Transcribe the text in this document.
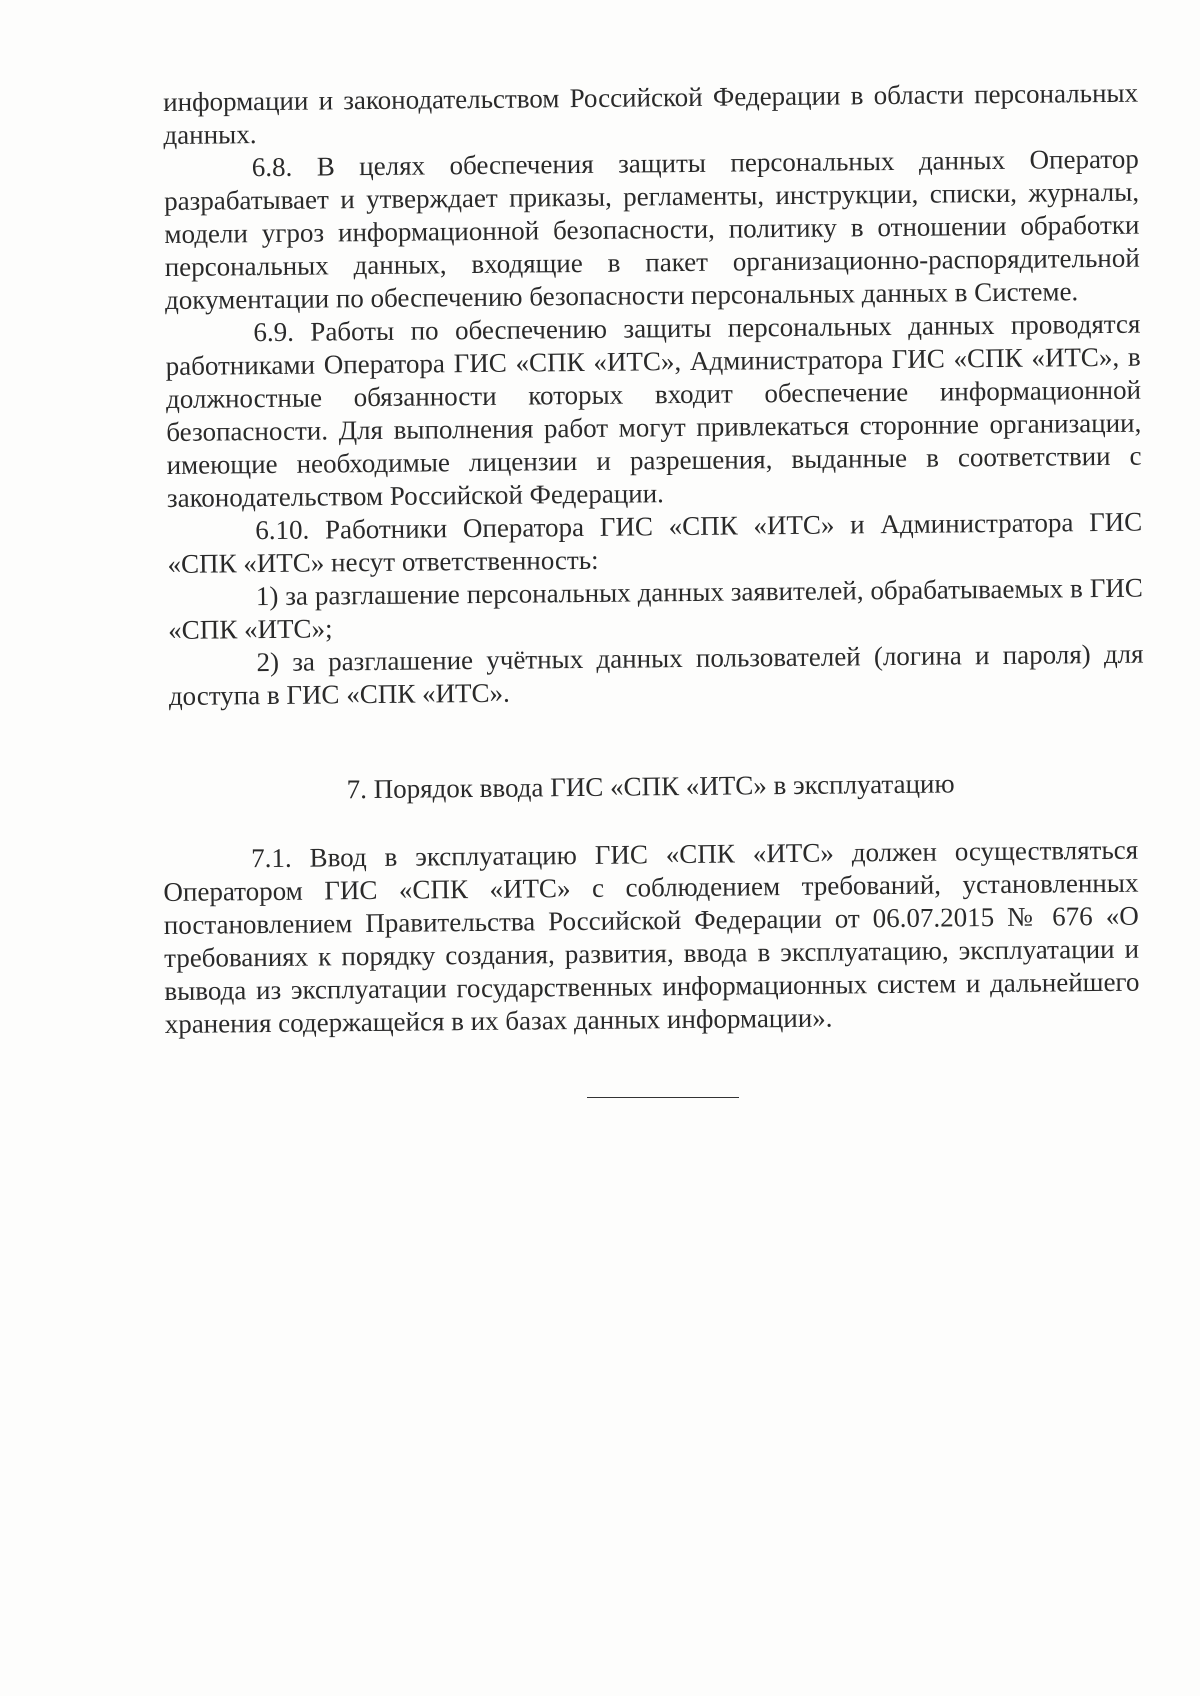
информации и законодательством Российской Федерации в области персональных данных.

6.8. В целях обеспечения защиты персональных данных Оператор разрабатывает и утверждает приказы, регламенты, инструкции, списки, журналы, модели угроз информационной безопасности, политику в отношении обработки персональных данных, входящие в пакет организационно-распорядительной документации по обеспечению безопасности персональных данных в Системе.

6.9. Работы по обеспечению защиты персональных данных проводятся работниками Оператора ГИС «СПК «ИТС», Администратора ГИС «СПК «ИТС», в должностные обязанности которых входит обеспечение информационной безопасности. Для выполнения работ могут привлекаться сторонние организации, имеющие необходимые лицензии и разрешения, выданные в соответствии с законодательством Российской Федерации.

6.10. Работники Оператора ГИС «СПК «ИТС» и Администратора ГИС «СПК «ИТС» несут ответственность:

1) за разглашение персональных данных заявителей, обрабатываемых в ГИС «СПК «ИТС»;

2) за разглашение учётных данных пользователей (логина и пароля) для доступа в ГИС «СПК «ИТС».

7. Порядок ввода ГИС «СПК «ИТС» в эксплуатацию

7.1. Ввод в эксплуатацию ГИС «СПК «ИТС» должен осуществляться Оператором ГИС «СПК «ИТС» с соблюдением требований, установленных постановлением Правительства Российской Федерации от 06.07.2015 № 676 «О требованиях к порядку создания, развития, ввода в эксплуатацию, эксплуатации и вывода из эксплуатации государственных информационных систем и дальнейшего хранения содержащейся в их базах данных информации».
